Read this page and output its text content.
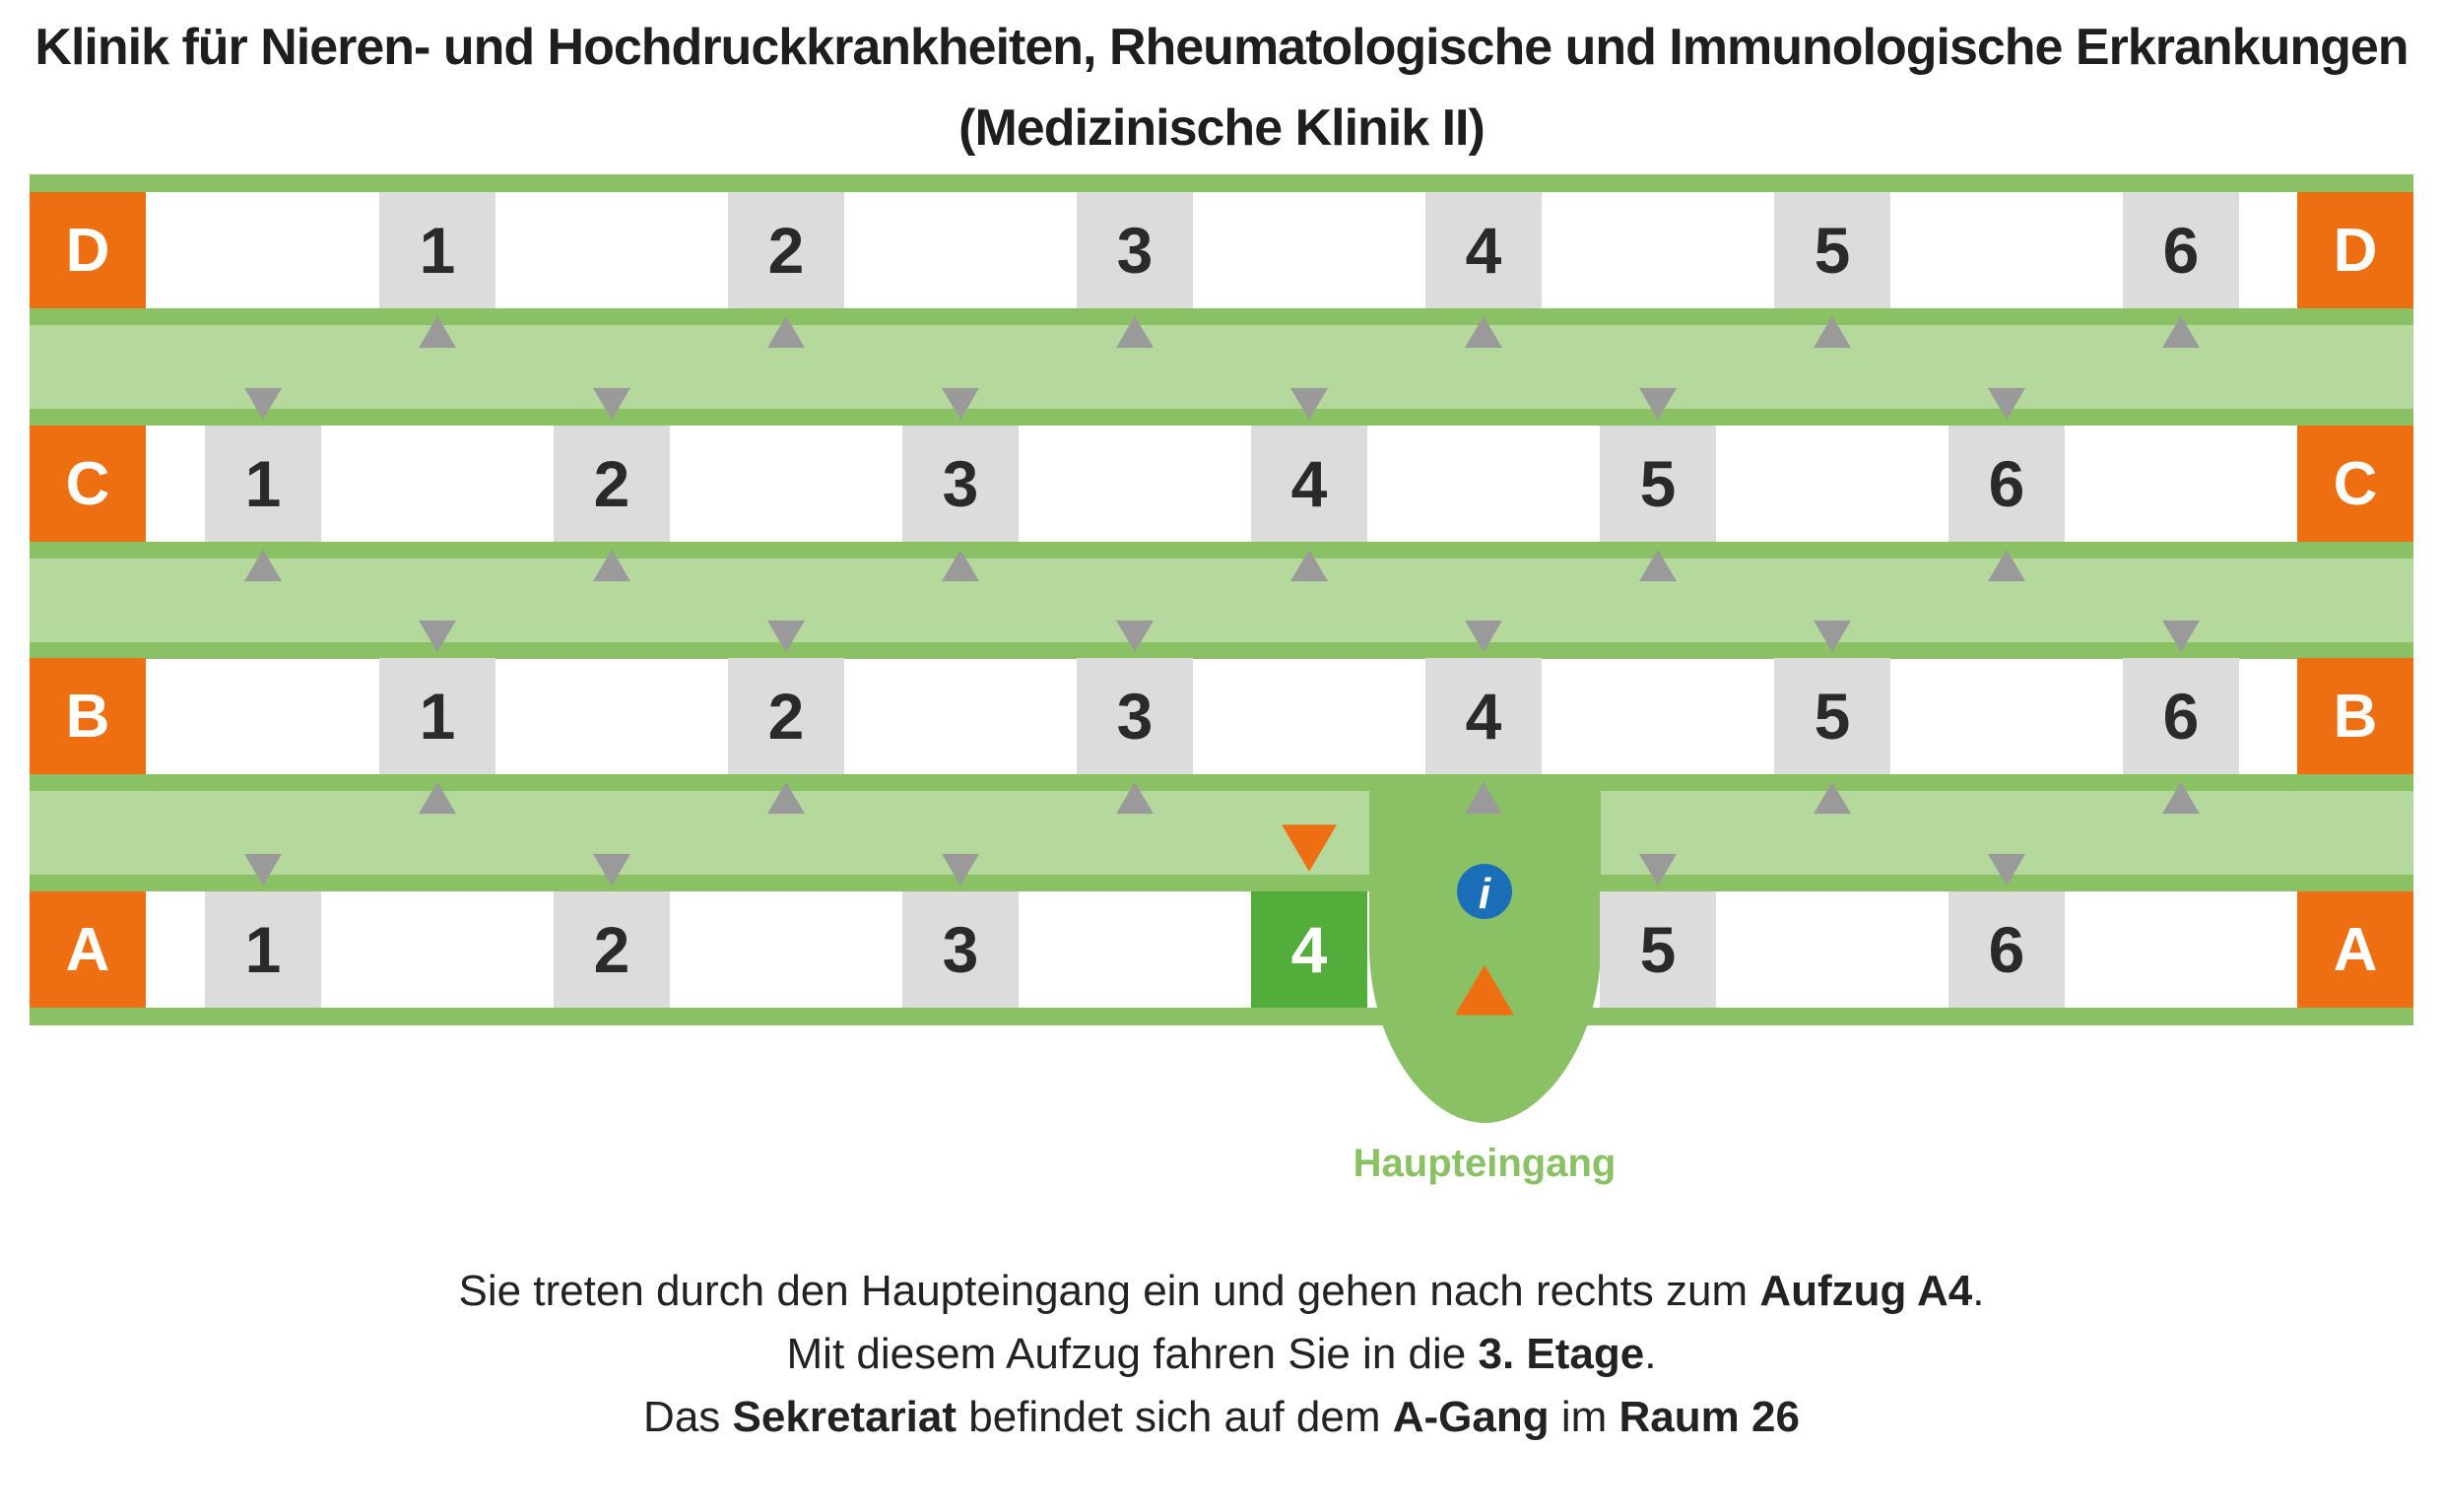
Klinik für Nieren- und Hochdruckkrankheiten, Rheumatologische und Immunologische Erkrankungen
(Medizinische Klinik II)
Haupteingang
D	D
1	2	3	4	5	6
C	C
1	2	3	4	5	6
B	B
1	2	3	4	5	6
A	A
1	2	3	4	5	6
i
Sie treten durch den Haupteingang ein und gehen nach rechts zum Aufzug A4.
Mit diesem Aufzug fahren Sie in die 3. Etage.
Das Sekretariat befindet sich auf dem A-Gang im Raum 26
